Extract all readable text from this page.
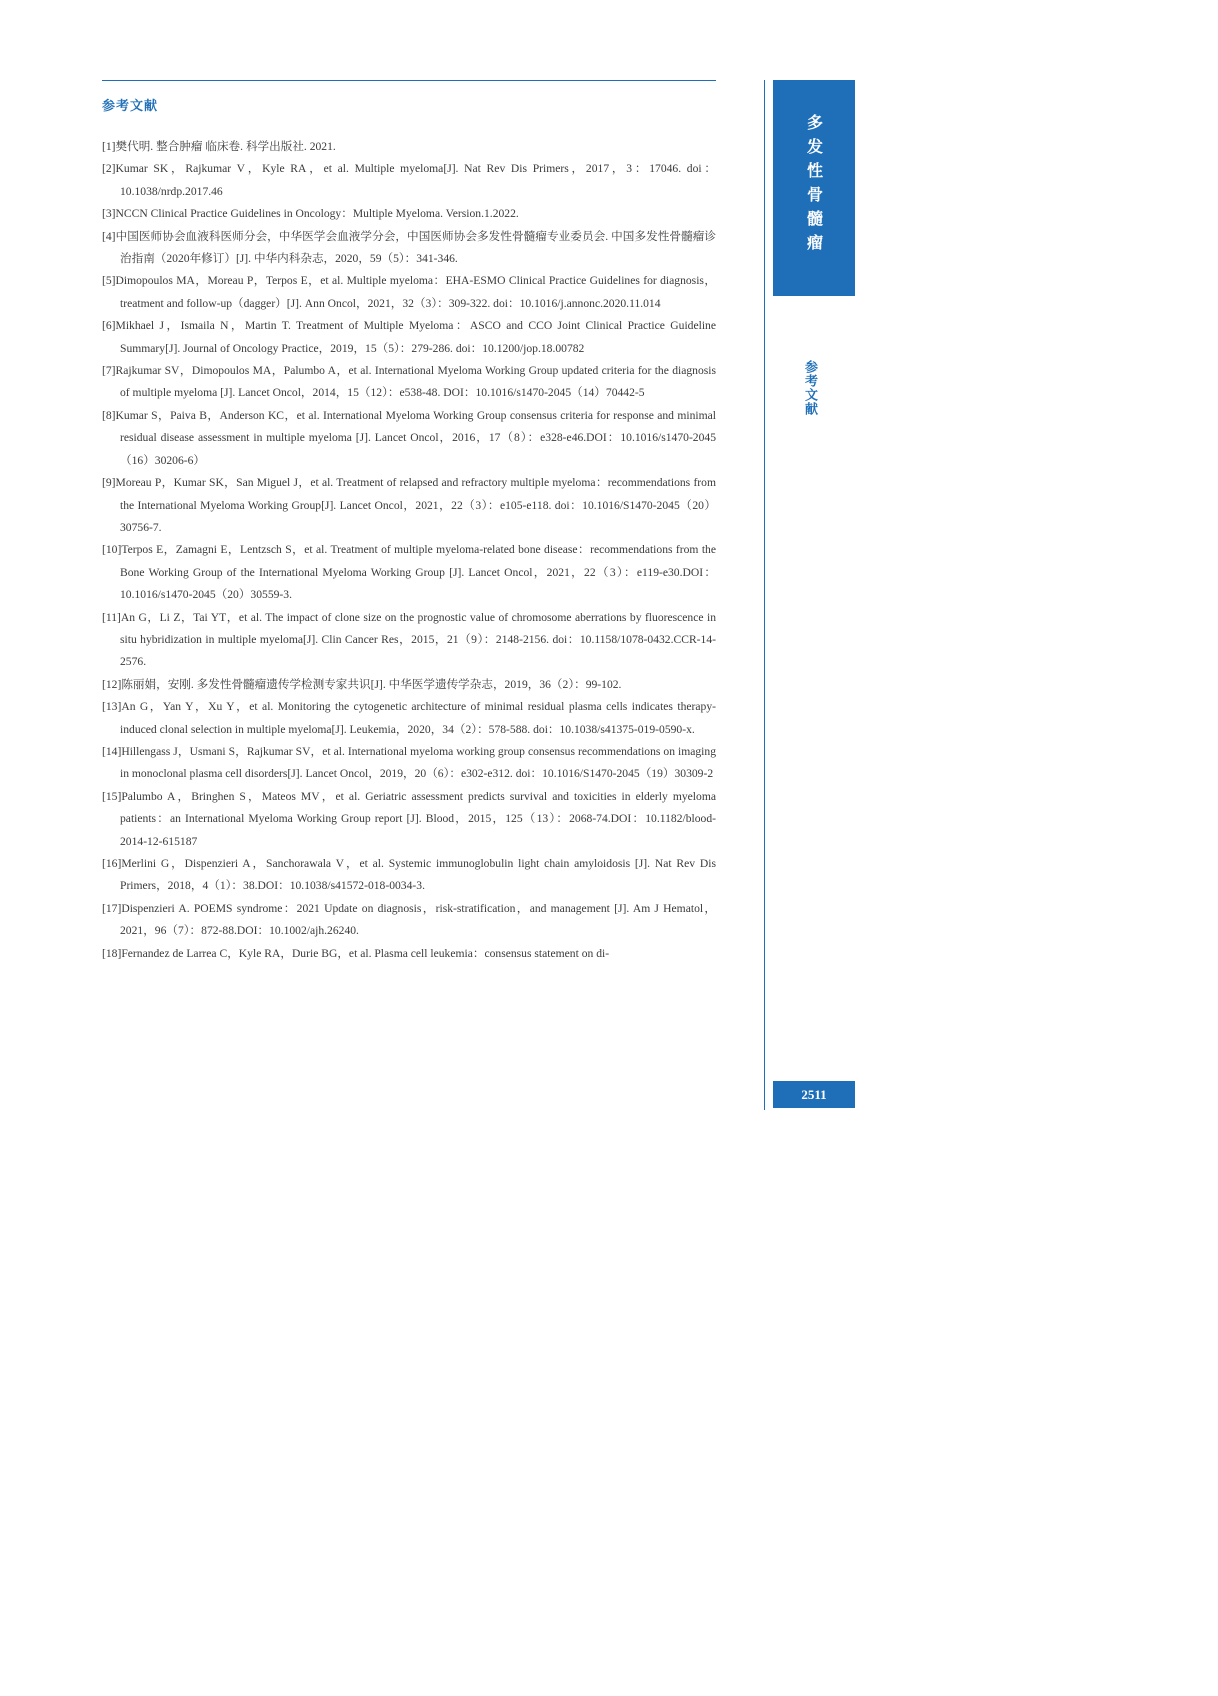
参考文献
[1]樊代明. 整合肿瘤 临床卷. 科学出版社. 2021.
[2]Kumar SK，Rajkumar V，Kyle RA，et al. Multiple myeloma[J]. Nat Rev Dis Primers，2017，3：17046. doi：10.1038/nrdp.2017.46
[3]NCCN Clinical Practice Guidelines in Oncology：Multiple Myeloma. Version.1.2022.
[4]中国医师协会血液科医师分会，中华医学会血液学分会，中国医师协会多发性骨髓瘤专业委员会. 中国多发性骨髓瘤诊治指南（2020年修订）[J]. 中华内科杂志，2020，59（5）：341-346.
[5]Dimopoulos MA，Moreau P，Terpos E，et al. Multiple myeloma：EHA-ESMO Clinical Practice Guidelines for diagnosis，treatment and follow-up（dagger）[J]. Ann Oncol，2021，32（3）：309-322. doi：10.1016/j.annonc.2020.11.014
[6]Mikhael J，Ismaila N，Martin T. Treatment of Multiple Myeloma：ASCO and CCO Joint Clinical Practice Guideline Summary[J]. Journal of Oncology Practice，2019，15（5）：279-286. doi：10.1200/jop.18.00782
[7]Rajkumar SV，Dimopoulos MA，Palumbo A，et al. International Myeloma Working Group updated criteria for the diagnosis of multiple myeloma [J]. Lancet Oncol，2014，15（12）：e538-48. DOI：10.1016/s1470-2045（14）70442-5
[8]Kumar S，Paiva B，Anderson KC，et al. International Myeloma Working Group consensus criteria for response and minimal residual disease assessment in multiple myeloma [J]. Lancet Oncol，2016，17（8）：e328-e46.DOI：10.1016/s1470-2045（16）30206-6）
[9]Moreau P，Kumar SK，San Miguel J，et al. Treatment of relapsed and refractory multiple myeloma：recommendations from the International Myeloma Working Group[J]. Lancet Oncol，2021，22（3）：e105-e118. doi：10.1016/S1470-2045（20）30756-7.
[10]Terpos E，Zamagni E，Lentzsch S，et al. Treatment of multiple myeloma-related bone disease：recommendations from the Bone Working Group of the International Myeloma Working Group [J]. Lancet Oncol，2021，22（3）：e119-e30.DOI：10.1016/s1470-2045（20）30559-3.
[11]An G，Li Z，Tai YT，et al. The impact of clone size on the prognostic value of chromosome aberrations by fluorescence in situ hybridization in multiple myeloma[J]. Clin Cancer Res，2015，21（9）：2148-2156. doi：10.1158/1078-0432.CCR-14-2576.
[12]陈丽娟，安刚. 多发性骨髓瘤遗传学检测专家共识[J]. 中华医学遗传学杂志，2019，36（2）：99-102.
[13]An G，Yan Y，Xu Y，et al. Monitoring the cytogenetic architecture of minimal residual plasma cells indicates therapy-induced clonal selection in multiple myeloma[J]. Leukemia，2020，34（2）：578-588. doi：10.1038/s41375-019-0590-x.
[14]Hillengass J，Usmani S，Rajkumar SV，et al. International myeloma working group consensus recommendations on imaging in monoclonal plasma cell disorders[J]. Lancet Oncol，2019，20（6）：e302-e312. doi：10.1016/S1470-2045（19）30309-2
[15]Palumbo A，Bringhen S，Mateos MV，et al. Geriatric assessment predicts survival and toxicities in elderly myeloma patients：an International Myeloma Working Group report [J]. Blood，2015，125（13）：2068-74.DOI：10.1182/blood-2014-12-615187
[16]Merlini G，Dispenzieri A，Sanchorawala V，et al. Systemic immunoglobulin light chain amyloidosis [J]. Nat Rev Dis Primers，2018，4（1）：38.DOI：10.1038/s41572-018-0034-3.
[17]Dispenzieri A. POEMS syndrome：2021 Update on diagnosis，risk-stratification，and management [J]. Am J Hematol，2021，96（7）：872-88.DOI：10.1002/ajh.26240.
[18]Fernandez de Larrea C，Kyle RA，Durie BG，et al. Plasma cell leukemia：consensus statement on di-
多发性骨髓瘤
参考文献
2511
